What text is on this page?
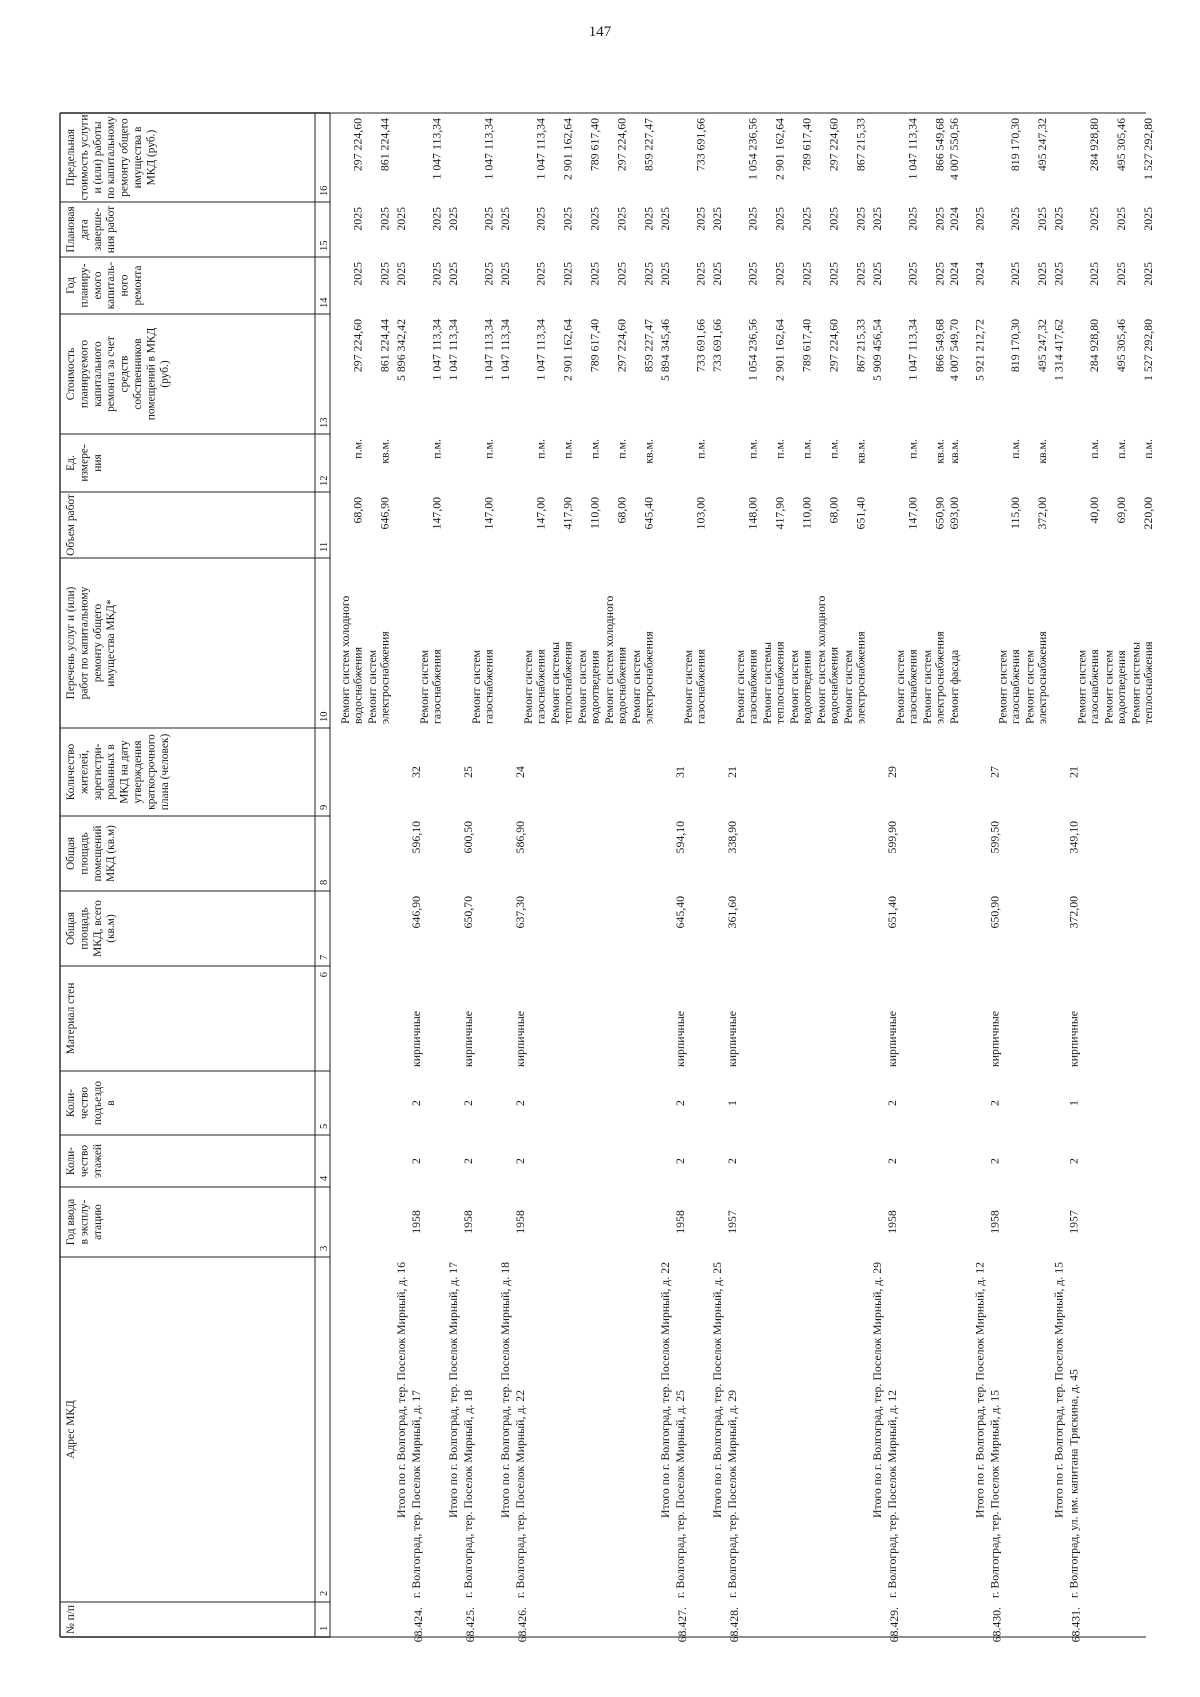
№ п/п
Адрес МКД
Год ввода в эксплу- атацию
Коли- чество этажей
Коли- чество подъездо в
Материал стен
Общая площадь МКД, всего (кв.м)
Общая площадь помещений МКД (кв.м)
Количество жителей, зарегистри- рованных в МКД на дату утверждения краткосрочного плана (человек)
Перечень услуг и (или) работ по капитальному ремонту общего имущества МКД*
Объем работ
Ед. измере- ния
Стоимость планируемого капитального ремонта за счет средств собственников помещений в МКД (руб.)
Год планиру- емого капиталь- ного ремонта
Плановая дата заверше- ния работ
Предельная стоимость услуги и (или) работы по капитальному ремонту общего имущества в МКД (руб.)
1
2
3
4
5
6
7
8
9
10
11
12
13
14
15
16
Ремонт систем холодного
водоснабжения
68,00
п.м.
297 224,60
2025
2025
297 224,60
Ремонт систем
электроснабжения
646,90
кв.м.
861 224,44
2025
2025
861 224,44
Итого по г. Волгоград, тер. Поселок Мирный, д. 16
5 896 342,42
2025
2025
68.424.
г. Волгоград, тер. Поселок Мирный, д. 17
1958
2
2
кирпичные
646,90
596,10
32
Ремонт систем
газоснабжения
147,00
п.м.
1 047 113,34
2025
2025
1 047 113,34
Итого по г. Волгоград, тер. Поселок Мирный, д. 17
1 047 113,34
2025
2025
68.425.
г. Волгоград, тер. Поселок Мирный, д. 18
1958
2
2
кирпичные
650,70
600,50
25
Ремонт систем
газоснабжения
147,00
п.м.
1 047 113,34
2025
2025
1 047 113,34
Итого по г. Волгоград, тер. Поселок Мирный, д. 18
1 047 113,34
2025
2025
68.426.
г. Волгоград, тер. Поселок Мирный, д. 22
1958
2
2
кирпичные
637,30
586,90
24
Ремонт систем
газоснабжения
147,00
п.м.
1 047 113,34
2025
2025
1 047 113,34
Ремонт системы
теплоснабжения
417,90
п.м.
2 901 162,64
2025
2025
2 901 162,64
Ремонт систем
водоотведения
110,00
п.м.
789 617,40
2025
2025
789 617,40
Ремонт систем холодного
водоснабжения
68,00
п.м.
297 224,60
2025
2025
297 224,60
Ремонт систем
электроснабжения
645,40
кв.м.
859 227,47
2025
2025
859 227,47
Итого по г. Волгоград, тер. Поселок Мирный, д. 22
5 894 345,46
2025
2025
68.427.
г. Волгоград, тер. Поселок Мирный, д. 25
1958
2
2
кирпичные
645,40
594,10
31
Ремонт систем
газоснабжения
103,00
п.м.
733 691,66
2025
2025
733 691,66
Итого по г. Волгоград, тер. Поселок Мирный, д. 25
733 691,66
2025
2025
68.428.
г. Волгоград, тер. Поселок Мирный, д. 29
1957
2
1
кирпичные
361,60
338,90
21
Ремонт систем
газоснабжения
148,00
п.м.
1 054 236,56
2025
2025
1 054 236,56
Ремонт системы
теплоснабжения
417,90
п.м.
2 901 162,64
2025
2025
2 901 162,64
Ремонт систем
водоотведения
110,00
п.м.
789 617,40
2025
2025
789 617,40
Ремонт систем холодного
водоснабжения
68,00
п.м.
297 224,60
2025
2025
297 224,60
Ремонт систем
электроснабжения
651,40
кв.м.
867 215,33
2025
2025
867 215,33
Итого по г. Волгоград, тер. Поселок Мирный, д. 29
5 909 456,54
2025
2025
68.429.
г. Волгоград, тер. Поселок Мирный, д. 12
1958
2
2
кирпичные
651,40
599,90
29
Ремонт систем
газоснабжения
147,00
п.м.
1 047 113,34
2025
2025
1 047 113,34
Ремонт систем
электроснабжения
650,90
кв.м.
866 549,68
2025
2025
866 549,68
Ремонт фасада
693,00
кв.м.
4 007 549,70
2024
2024
4 007 550,56
Итого по г. Волгоград, тер. Поселок Мирный, д. 12
5 921 212,72
2024
2025
68.430.
г. Волгоград, тер. Поселок Мирный, д. 15
1958
2
2
кирпичные
650,90
599,50
27
Ремонт систем
газоснабжения
115,00
п.м.
819 170,30
2025
2025
819 170,30
Ремонт систем
электроснабжения
372,00
кв.м.
495 247,32
2025
2025
495 247,32
Итого по г. Волгоград, тер. Поселок Мирный, д. 15
1 314 417,62
2025
2025
68.431.
г. Волгоград, ул. им. капитана Тряскина, д. 45
1957
2
1
кирпичные
372,00
349,10
21
Ремонт систем
газоснабжения
40,00
п.м.
284 928,80
2025
2025
284 928,80
Ремонт систем
водоотведения
69,00
п.м.
495 305,46
2025
2025
495 305,46
Ремонт системы
теплоснабжения
220,00
п.м.
1 527 292,80
2025
2025
1 527 292,80
147
